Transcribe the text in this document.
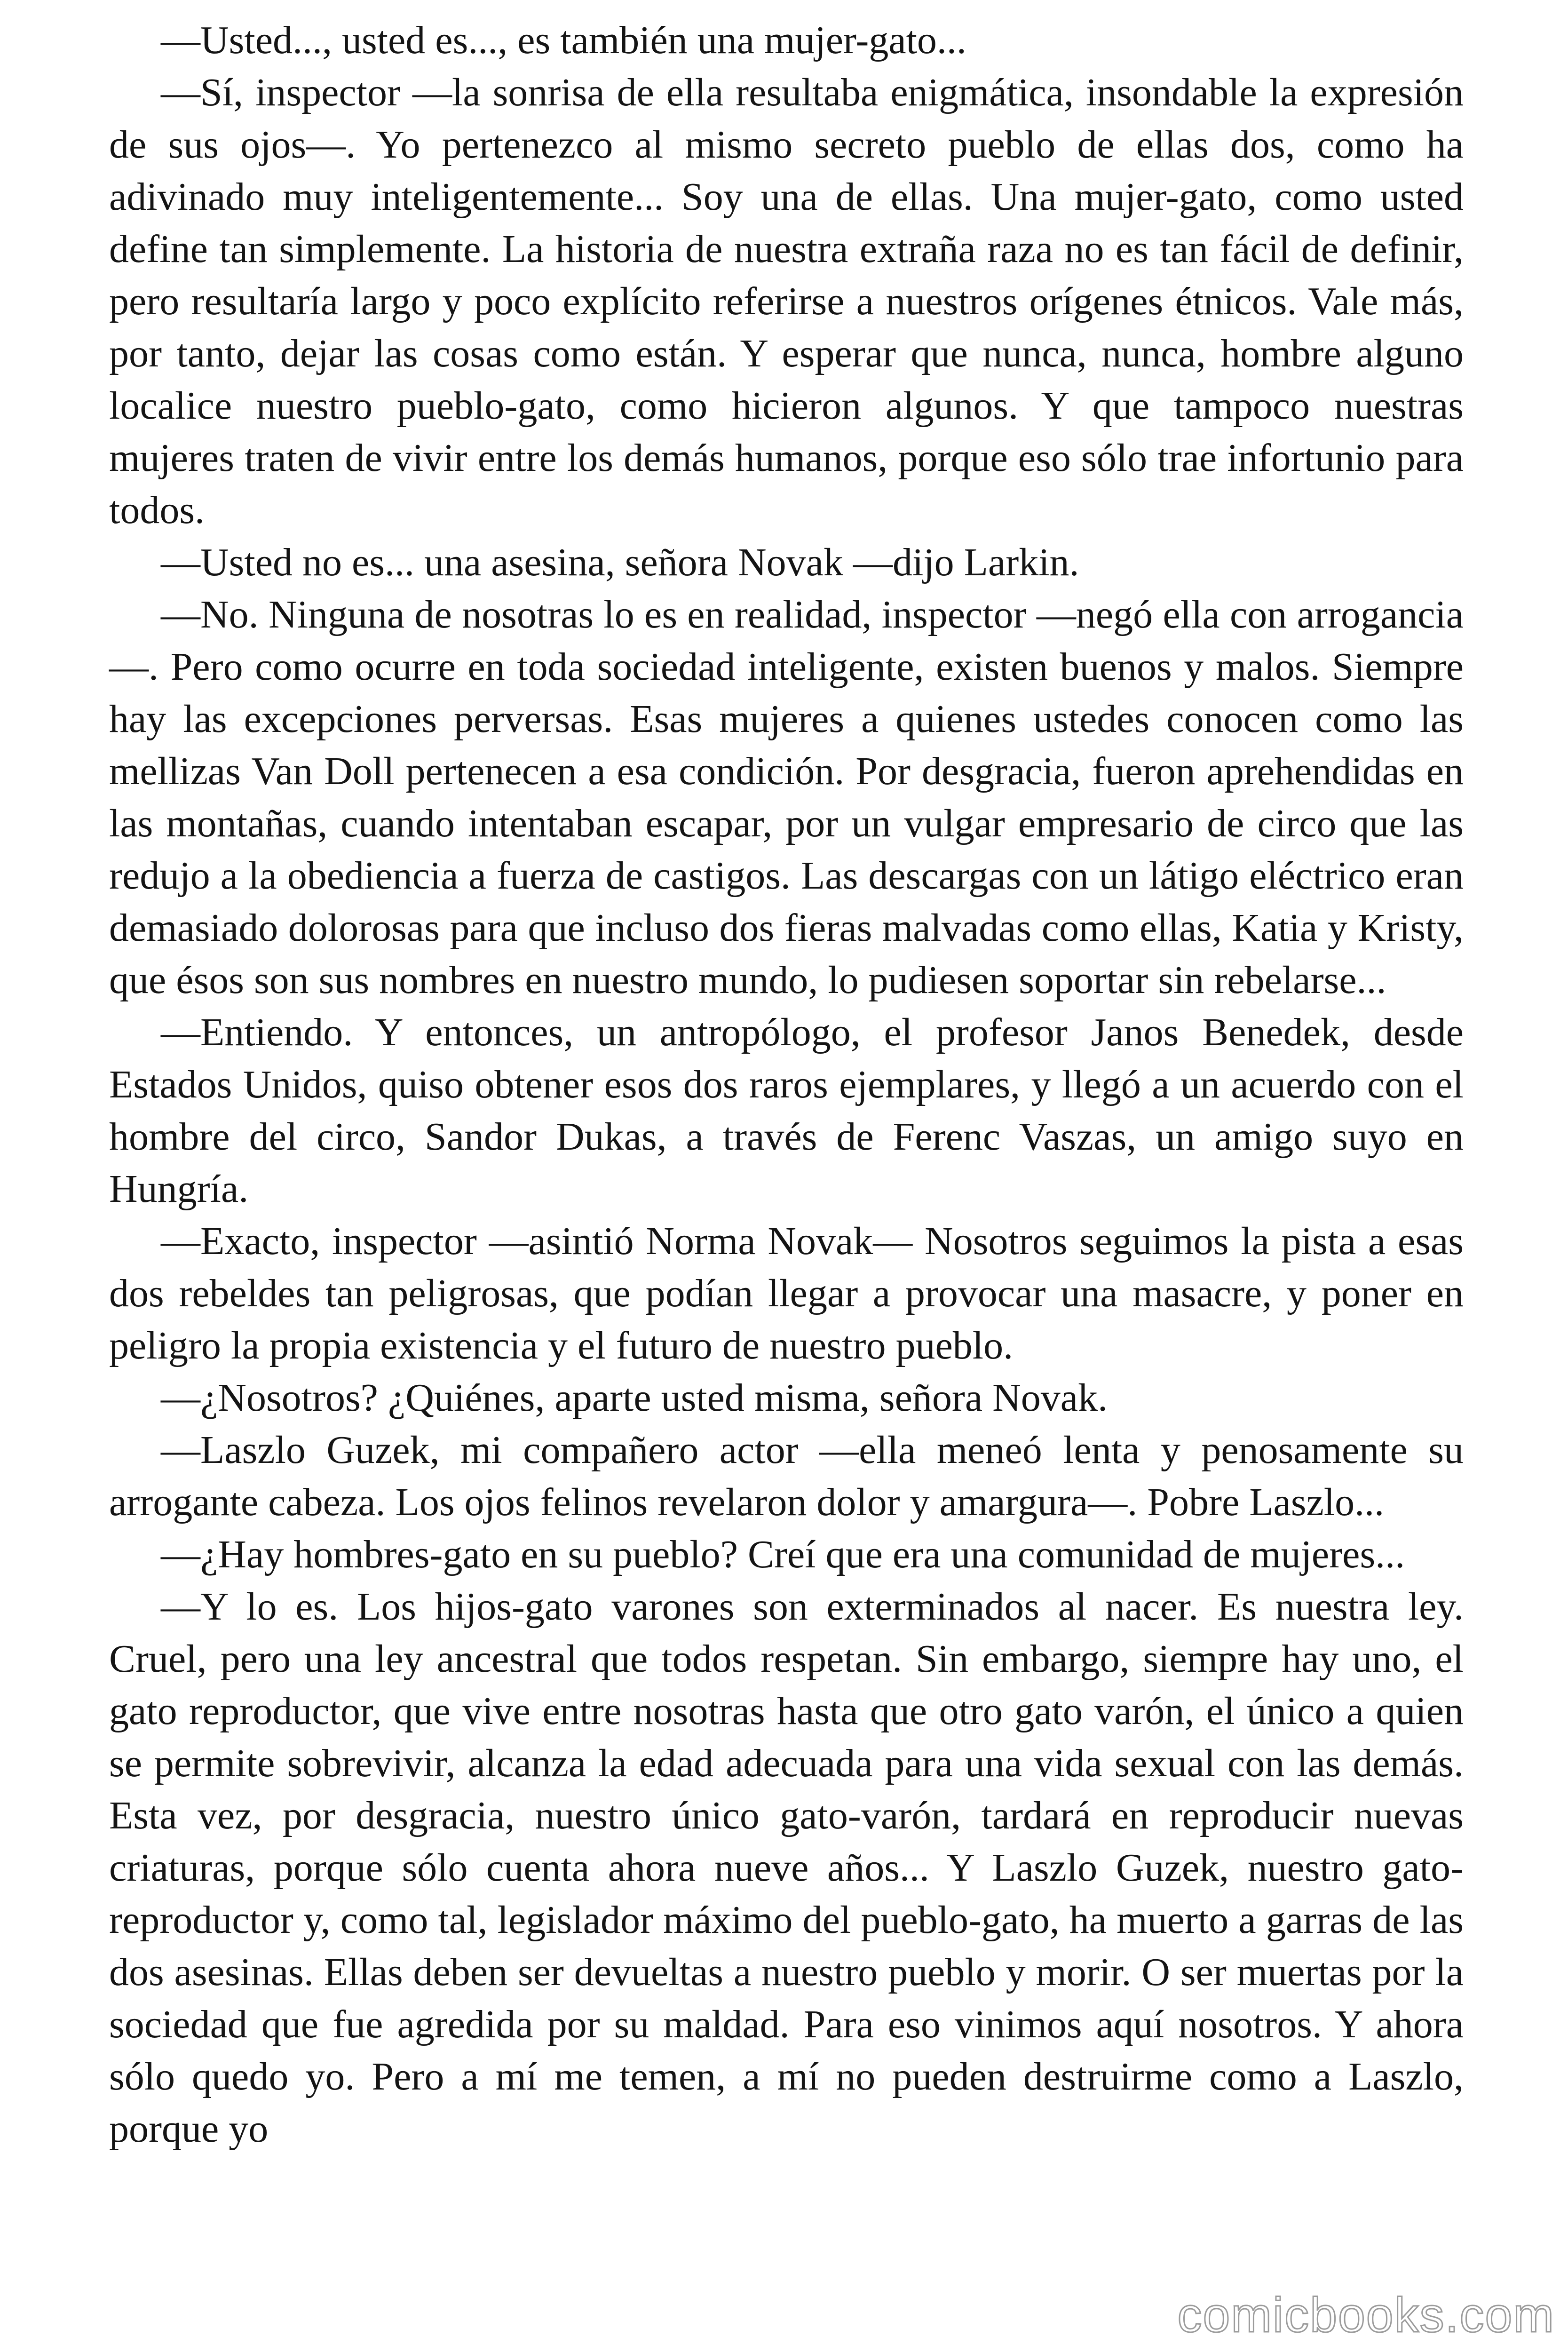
—Usted..., usted es..., es también una mujer-gato...

—Sí, inspector —la sonrisa de ella resultaba enigmática, insondable la expresión de sus ojos—. Yo pertenezco al mismo secreto pueblo de ellas dos, como ha adivinado muy inteligentemente... Soy una de ellas. Una mujer-gato, como usted define tan simplemente. La historia de nuestra extraña raza no es tan fácil de definir, pero resultaría largo y poco explícito referirse a nuestros orígenes étnicos. Vale más, por tanto, dejar las cosas como están. Y esperar que nunca, nunca, hombre alguno localice nuestro pueblo-gato, como hicieron algunos. Y que tampoco nuestras mujeres traten de vivir entre los demás humanos, porque eso sólo trae infortunio para todos.

—Usted no es... una asesina, señora Novak —dijo Larkin.

—No. Ninguna de nosotras lo es en realidad, inspector —negó ella con arrogancia—. Pero como ocurre en toda sociedad inteligente, existen buenos y malos. Siempre hay las excepciones perversas. Esas mujeres a quienes ustedes conocen como las mellizas Van Doll pertenecen a esa condición. Por desgracia, fueron aprehendidas en las montañas, cuando intentaban escapar, por un vulgar empresario de circo que las redujo a la obediencia a fuerza de castigos. Las descargas con un látigo eléctrico eran demasiado dolorosas para que incluso dos fieras malvadas como ellas, Katia y Kristy, que ésos son sus nombres en nuestro mundo, lo pudiesen soportar sin rebelarse...

—Entiendo. Y entonces, un antropólogo, el profesor Janos Benedek, desde Estados Unidos, quiso obtener esos dos raros ejemplares, y llegó a un acuerdo con el hombre del circo, Sandor Dukas, a través de Ferenc Vaszas, un amigo suyo en Hungría.

—Exacto, inspector —asintió Norma Novak— Nosotros seguimos la pista a esas dos rebeldes tan peligrosas, que podían llegar a provocar una masacre, y poner en peligro la propia existencia y el futuro de nuestro pueblo.

—¿Nosotros? ¿Quiénes, aparte usted misma, señora Novak.

—Laszlo Guzek, mi compañero actor —ella meneó lenta y penosamente su arrogante cabeza. Los ojos felinos revelaron dolor y amargura—. Pobre Laszlo...

—¿Hay hombres-gato en su pueblo? Creí que era una comunidad de mujeres...

—Y lo es. Los hijos-gato varones son exterminados al nacer. Es nuestra ley. Cruel, pero una ley ancestral que todos respetan. Sin embargo, siempre hay uno, el gato reproductor, que vive entre nosotras hasta que otro gato varón, el único a quien se permite sobrevivir, alcanza la edad adecuada para una vida sexual con las demás. Esta vez, por desgracia, nuestro único gato-varón, tardará en reproducir nuevas criaturas, porque sólo cuenta ahora nueve años... Y Laszlo Guzek, nuestro gato-reproductor y, como tal, legislador máximo del pueblo-gato, ha muerto a garras de las dos asesinas. Ellas deben ser devueltas a nuestro pueblo y morir. O ser muertas por la sociedad que fue agredida por su maldad. Para eso vinimos aquí nosotros. Y ahora sólo quedo yo. Pero a mí me temen, a mí no pueden destruirme como a Laszlo, porque yo

comicbooks.com
